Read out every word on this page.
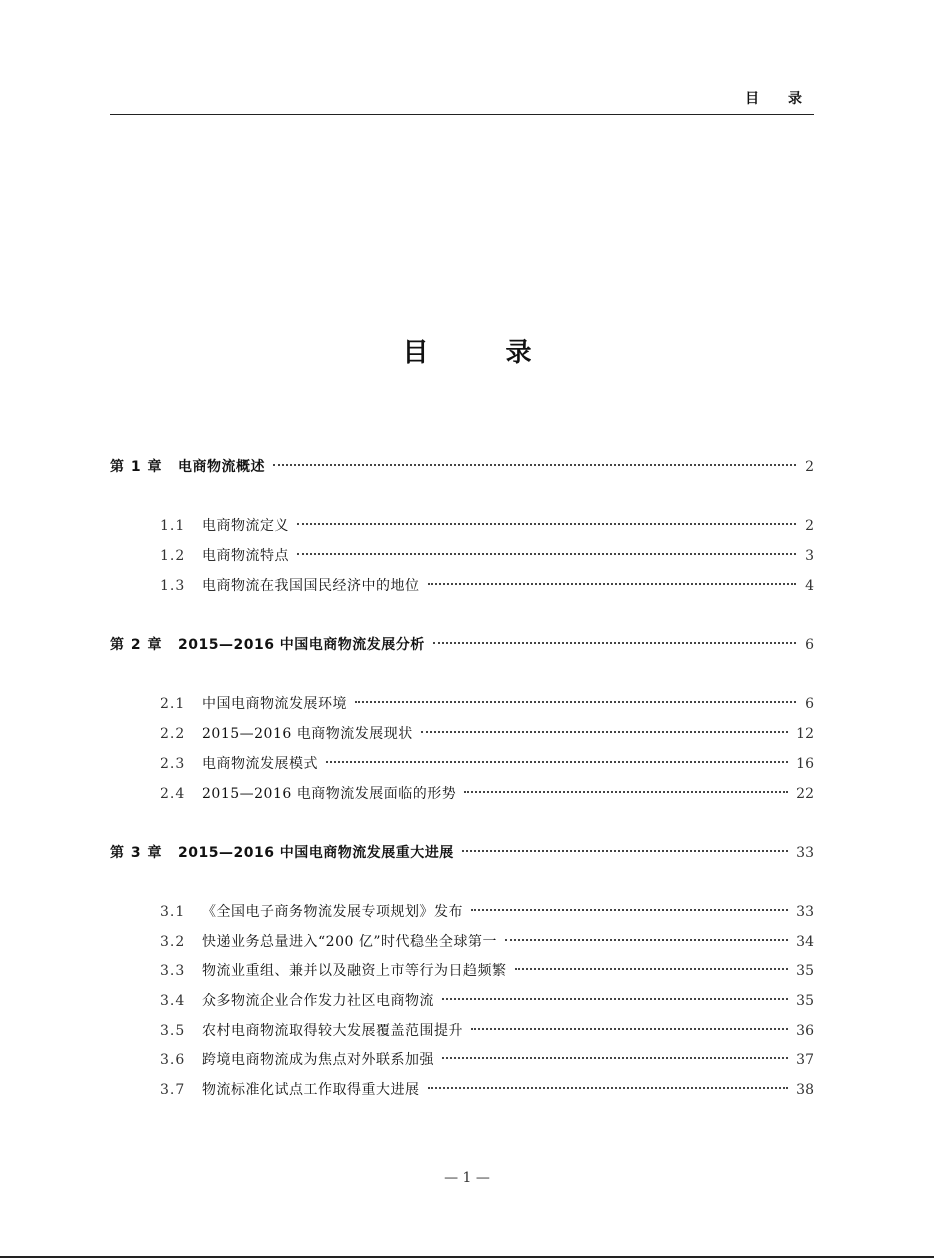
目 录
目 录
第 1 章	电商物流概述	2
1.1	电商物流定义	2
1.2	电商物流特点	3
1.3	电商物流在我国国民经济中的地位	4
第 2 章	2015—2016 中国电商物流发展分析	6
2.1	中国电商物流发展环境	6
2.2	2015—2016 电商物流发展现状	12
2.3	电商物流发展模式	16
2.4	2015—2016 电商物流发展面临的形势	22
第 3 章	2015—2016 中国电商物流发展重大进展	33
3.1	《全国电子商务物流发展专项规划》发布	33
3.2	快递业务总量进入“200 亿”时代稳坐全球第一	34
3.3	物流业重组、兼并以及融资上市等行为日趋频繁	35
3.4	众多物流企业合作发力社区电商物流	35
3.5	农村电商物流取得较大发展覆盖范围提升	36
3.6	跨境电商物流成为焦点对外联系加强	37
3.7	物流标准化试点工作取得重大进展	38
— 1 —
